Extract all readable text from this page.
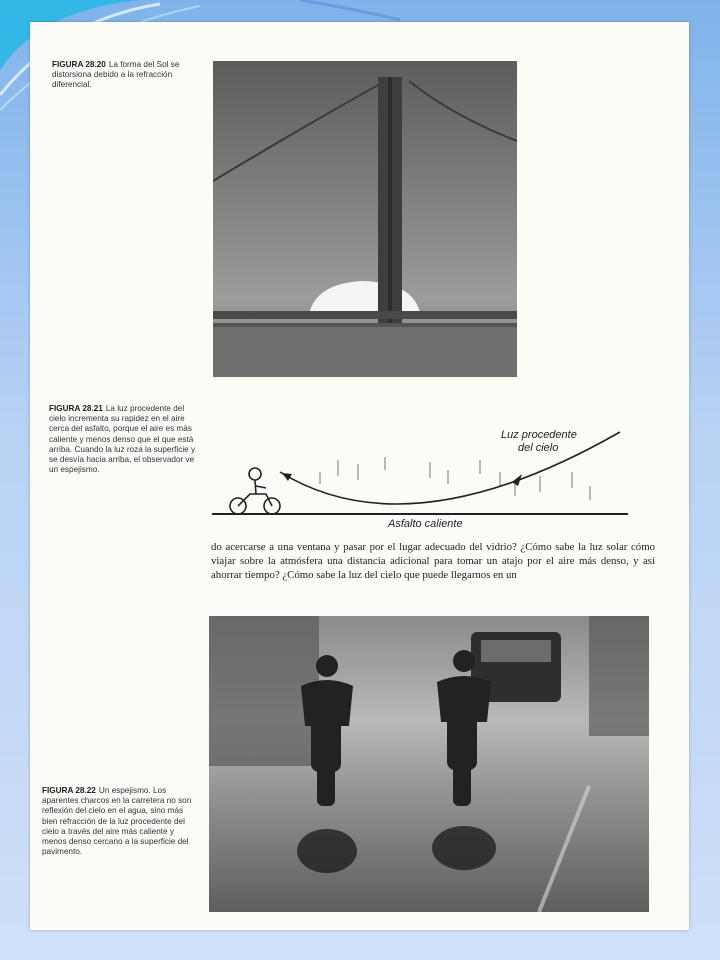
FIGURA 28.20 La forma del Sol se distorsiona debido a la refracción diferencial.
FIGURA 28.21 La luz procedente del cielo incrementa su rapidez en el aire cerca del asfalto, porque el aire es más caliente y menos denso que el que está arriba. Cuando la luz roza la superficie y se desvía hacia arriba, el observador ve un espejismo.
Luz procedente
del cielo
Asfalto caliente
do acercarse a una ventana y pasar por el lugar adecuado del vidrio? ¿Cómo sabe la luz solar cómo viajar sobre la atmósfera una distancia adicional para tomar un atajo por el aire más denso, y así ahorrar tiempo? ¿Cómo sabe la luz del cielo que puede llegarnos en un
FIGURA 28.22 Un espejismo. Los aparentes charcos en la carretera no son reflexión del cielo en el agua, sino más bien refracción de la luz procedente del cielo a través del aire más caliente y menos denso cercano a la superficie del pavimento.
